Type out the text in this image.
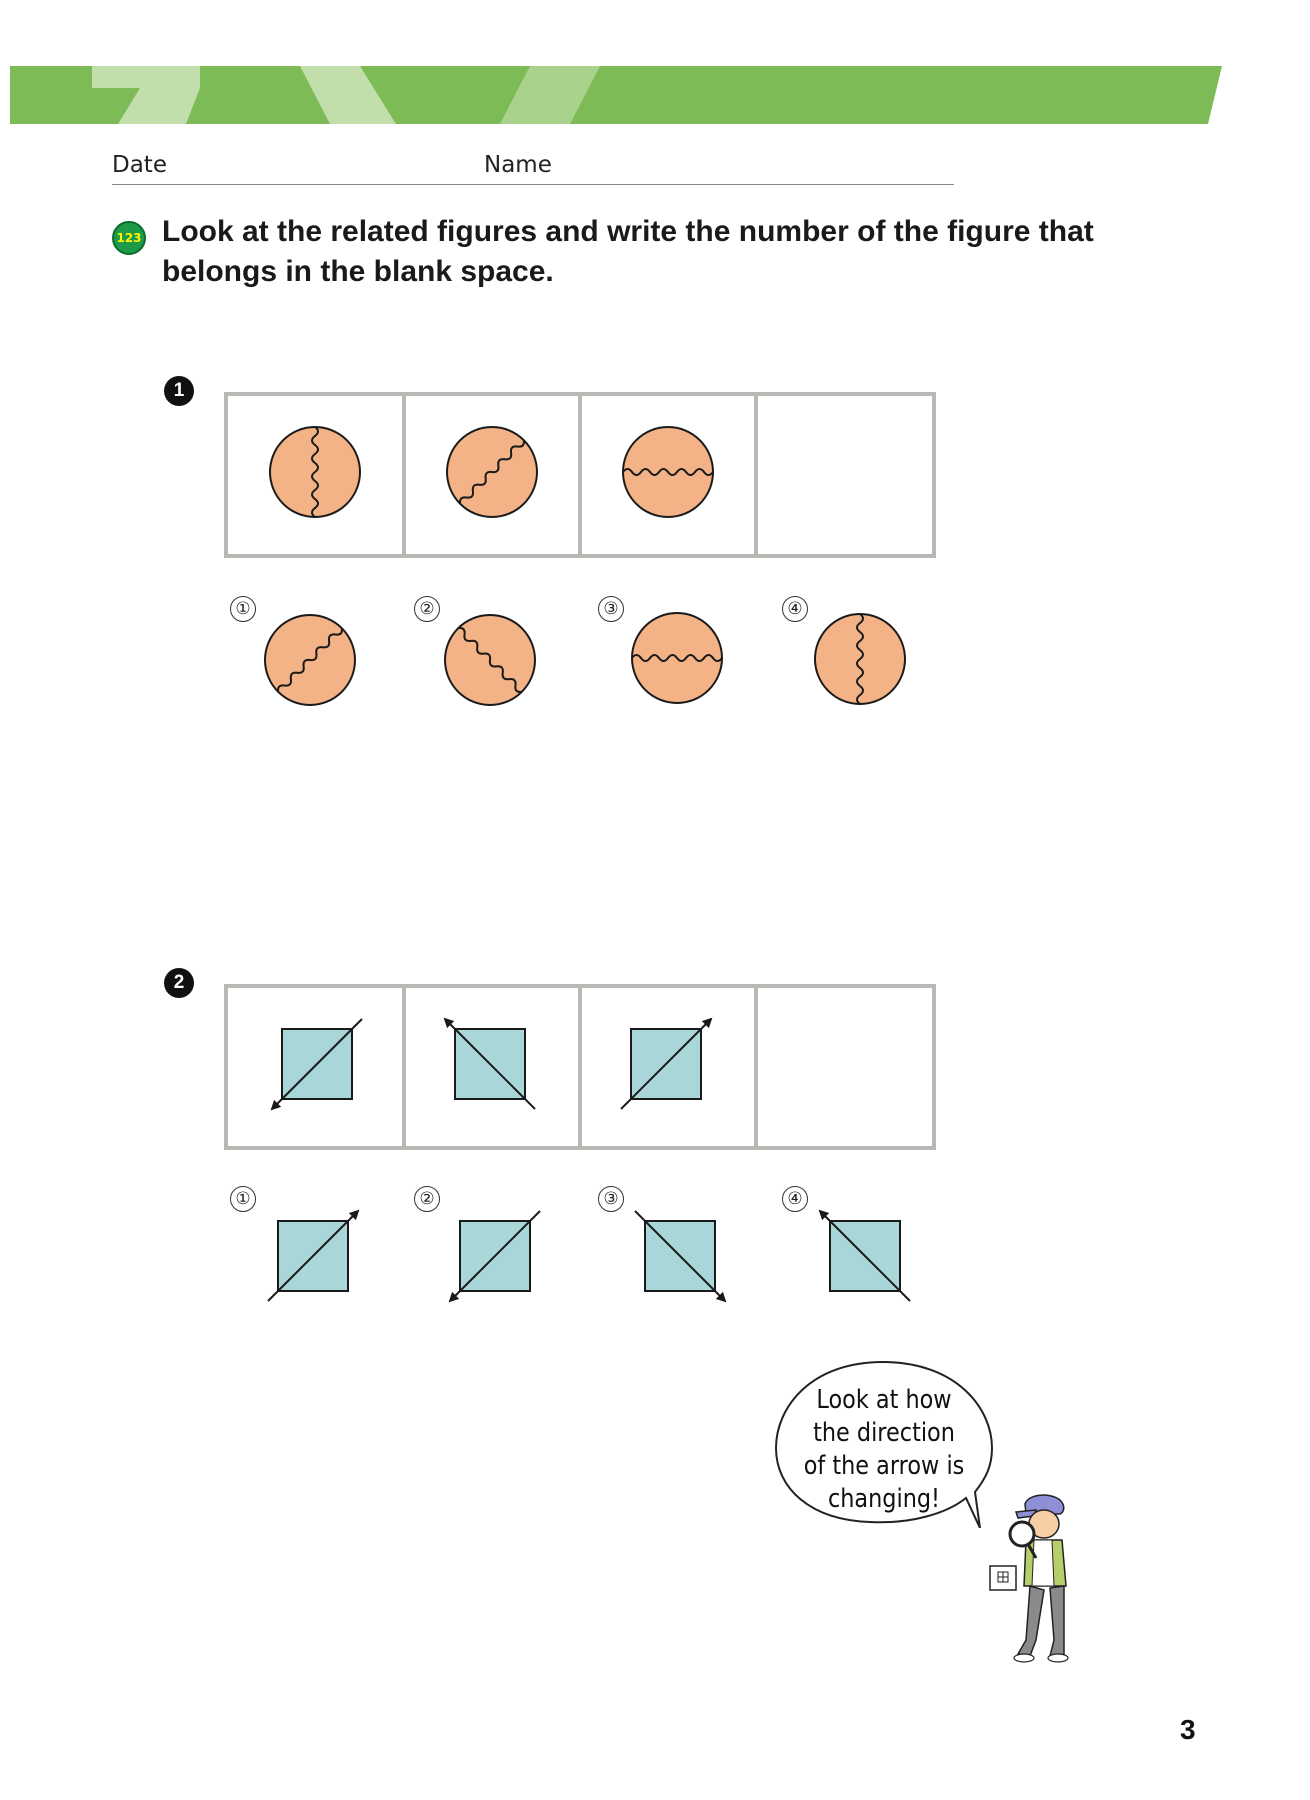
Date	Name
123 Look at the related figures and write the number of the figure that belongs in the blank space.
1
①	②	③	④
2
①	②	③	④
Look at how
the direction
of the arrow is
changing!
3
